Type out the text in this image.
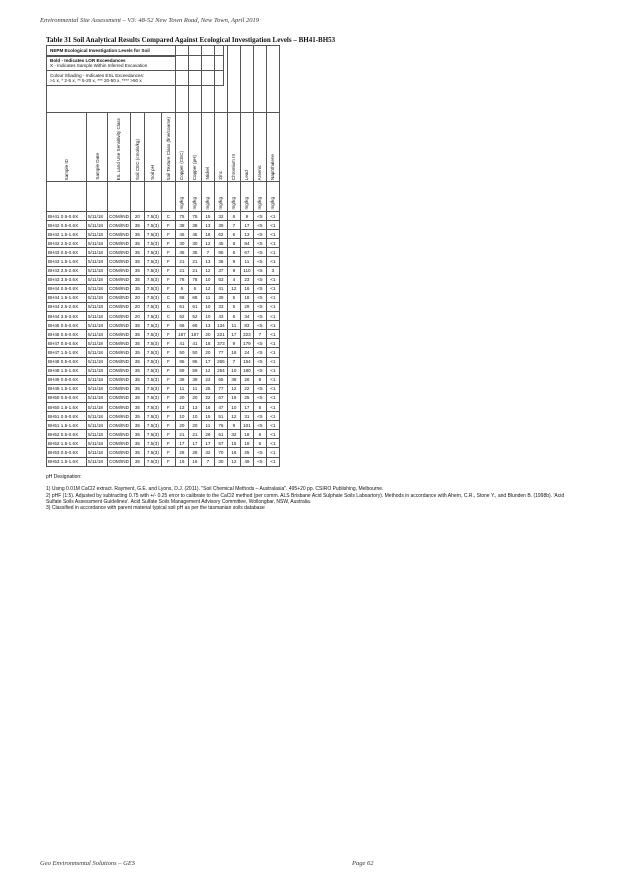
Environmental Site Assessment – V3: 48-52 New Town Road, New Town, April 2019
Table 31 Soil Analytical Results Compared Against Ecological Investigation Levels – BH41-BH53

Sample ID	Sample Date	EIL Land Use Sensitivity Class	Soil CEC (cmols/kg)	Soil pH	Soil Texture Class (fine/coarse)	Copper (CEC)	Copper (pH)	Nickel	Zinc	Chromium III	Lead	Arsenic	Naphthalene

						mg/kg	mg/kg	mg/kg	mg/kg	mg/kg	mg/kg	mg/kg	mg/kg

BH41 0.5-0.6X	5/11/18	COM/IND	20	7.5(3)	C	75	75	15	32	6	9	<5	<1
BH42 0.5-0.6X	5/11/18	COM/IND	35	7.5(3)	F	38	38	13	39	7	17	<5	<1
BH42 1.5-1.6X	5/11/18	COM/IND	35	7.5(3)	F	45	45	18	62	6	13	<5	<1
BH42 2.5-2.6X	5/11/18	COM/IND	35	7.5(3)	F	30	30	12	45	8	84	<5	<1
BH43 0.5-0.6X	5/11/18	COM/IND	35	7.5(3)	F	35	35	7	95	6	67	<5	<1
BH43 1.5-1.6X	5/11/18	COM/IND	35	7.5(3)	F	21	21	13	36	9	11	<5	<1
BH43 2.5-2.6X	5/11/18	COM/IND	35	7.5(3)	F	21	21	12	37	9	110	<5	3
BH43 3.5-3.6X	5/11/18	COM/IND	35	7.5(3)	F	78	78	10	53	4	23	<5	<1
BH44 0.5-0.6X	5/11/18	COM/IND	35	7.5(3)	F	6	6	12	41	12	16	<5	<1
BH44 1.5-1.6X	5/11/18	COM/IND	20	7.5(3)	C	68	68	11	39	5	18	<5	<1
BH44 2.5-2.6X	5/11/18	COM/IND	20	7.5(3)	C	61	61	10	33	5	29	<5	<1
BH44 3.5-3.6X	5/11/18	COM/IND	20	7.5(3)	C	52	52	10	43	6	34	<5	<1
BH45 0.5-0.6X	5/11/18	COM/IND	35	7.5(3)	F	66	66	13	134	11	83	<5	<1
BH46 0.5-0.6X	5/11/18	COM/IND	35	7.5(3)	F	187	187	20	221	17	223	7	<1
BH47 0.5-0.6X	5/11/18	COM/IND	35	7.5(3)	F	41	41	18	373	9	179	<5	<1
BH47 1.5-1.6X	5/11/18	COM/IND	35	7.5(3)	F	50	50	20	77	16	24	<5	<1
BH48 0.5-0.6X	5/11/18	COM/IND	35	7.5(3)	F	95	95	17	265	7	154	<5	<1
BH48 1.5-1.6X	5/11/18	COM/IND	35	7.5(3)	F	59	59	12	254	10	180	<5	<1
BH49 0.5-0.6X	5/11/18	COM/IND	35	7.5(3)	F	39	39	23	65	38	26	8	<1
BH49 1.5-1.6X	5/11/18	COM/IND	35	7.5(3)	F	11	11	25	77	12	22	<5	<1
BH50 0.5-0.6X	5/11/18	COM/IND	35	7.5(3)	F	20	20	22	67	19	25	<5	<1
BH50 1.5-1.6X	5/11/18	COM/IND	35	7.5(3)	F	13	13	16	47	10	17	5	<1
BH51 0.5-0.6X	5/11/18	COM/IND	35	7.5(3)	F	10	10	15	51	12	31	<5	<1
BH51 1.5-1.6X	5/11/18	COM/IND	35	7.5(3)	F	20	20	11	76	9	101	<5	<1
BH52 0.5-0.6X	5/11/18	COM/IND	35	7.5(3)	F	21	21	26	61	32	18	6	<1
BH52 1.5-1.6X	5/11/18	COM/IND	35	7.5(3)	F	17	17	17	57	15	18	6	<1
BH53 0.5-0.6X	5/11/18	COM/IND	35	7.5(3)	F	28	28	32	70	16	25	<5	<1
BH53 1.5-1.6X	5/11/18	COM/IND	35	7.5(3)	F	16	16	7	30	12	49	<5	<1
NEPM Ecological Investigation Levels for Soil
Bold - Indicates LOR Exceedances
X - Indicates Sample Within Inferred Excavation
Colour Shading - Indicates ESL Exceedances:
>1 x, * 2-5 x, ** 5-20 x, *** 20-50 x, **** >50 x

pH Designation:

1) Using 0.01M CaCl2 extract. Rayment, G.E. and Lyons, D.J. (2011). "Soil Chemical Methods – Australasia". 495+20 pp. CSIRO Publishing, Melbourne.

2) pHF (1:5). Adjusted by subtracting 0.75 with +/- 0.25 error to calibrate to the CaCl2 method (per comm. ALS Brisbane Acid Sulphate Soils Laboartory). Methods in accordance with Ahern, C.R., Stone Y., and Blunden B. (1998b). 'Acid Sulfate Soils Assessment Guidelines'. Acid Sulfate Soils Management Advisory Committee, Wollongbar, NSW, Australia.

3) Classified in accordance with parent material typical soil pH as per the tasmanian soils database

Geo Environmental Solutions – GES	Page 62
